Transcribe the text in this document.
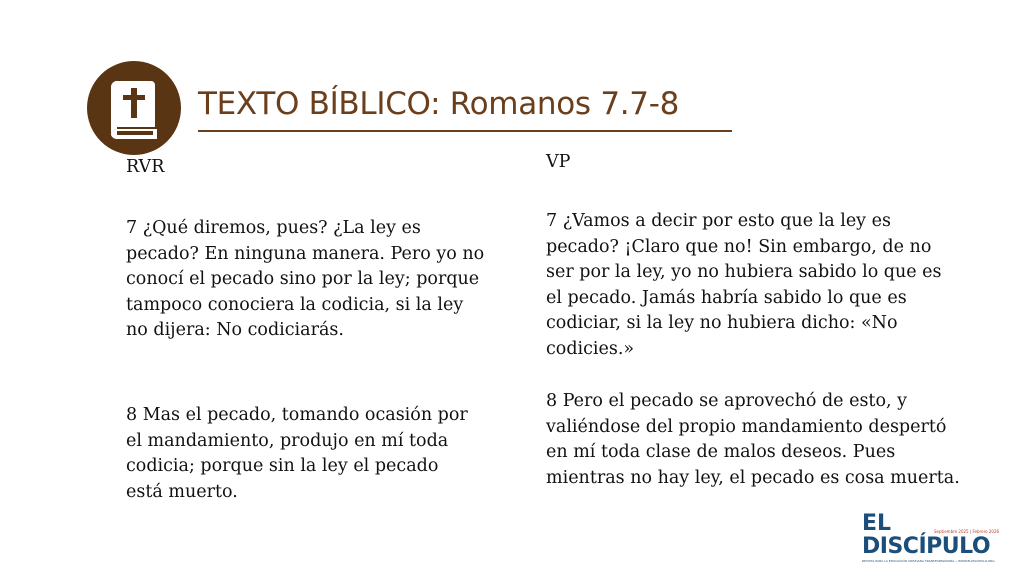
TEXTO BÍBLICO: Romanos 7.7-8

RVR

7 ¿Qué diremos, pues? ¿La ley es pecado? En ninguna manera. Pero yo no conocí el pecado sino por la ley; porque tampoco conociera la codicia, si la ley no dijera: No codiciarás.

8 Mas el pecado, tomando ocasión por el mandamiento, produjo en mí toda codicia; porque sin la ley el pecado está muerto.

VP

7 ¿Vamos a decir por esto que la ley es pecado? ¡Claro que no! Sin embargo, de no ser por la ley, yo no hubiera sabido lo que es el pecado. Jamás habría sabido lo que es codiciar, si la ley no hubiera dicho: «No codicies.»

8 Pero el pecado se aprovechó de esto, y valiéndose del propio mandamiento despertó en mí toda clase de malos deseos. Pues mientras no hay ley, el pecado es cosa muerta.

EL	Septiembre 2025 | Febrero 2026
DISCÍPULO
REVISTA PARA LA EDUCACIÓN CRISTIANA TRANSFORMADORA • WWW.ELDISCIPULO.ORG
